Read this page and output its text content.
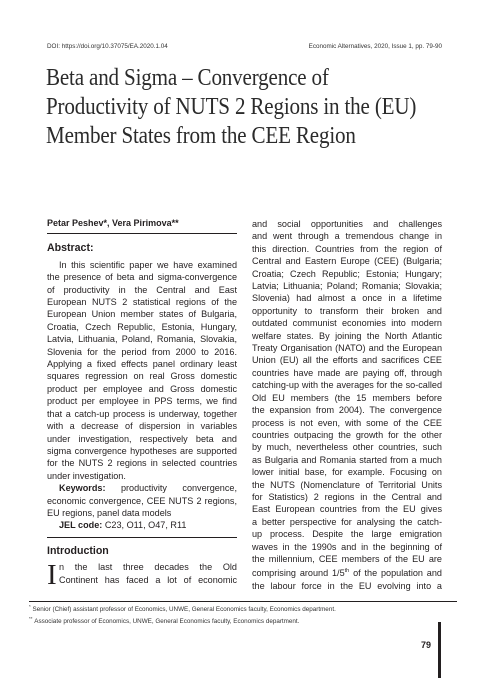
DOI: https://doi.org/10.37075/EA.2020.1.04	Economic Alternatives, 2020, Issue 1, pp. 79-90
Beta and Sigma – Convergence of
Productivity of NUTS 2 Regions in the (EU)
Member States from the CEE Region
Petar Peshev*, Vera Pirimova**
Abstract:
In this scientific paper we have examined
the presence of beta and sigma-convergence
of productivity in the Central and East
European NUTS 2 statistical regions of the
European Union member states of Bulgaria,
Croatia, Czech Republic, Estonia, Hungary,
Latvia, Lithuania, Poland, Romania, Slovakia,
Slovenia for the period from 2000 to 2016.
Applying a fixed effects panel ordinary least
squares regression on real Gross domestic
product per employee and Gross domestic
product per employee in PPS terms, we find
that a catch-up process is underway, together
with a decrease of dispersion in variables
under investigation, respectively beta and
sigma convergence hypotheses are supported
for the NUTS 2 regions in selected countries
under investigation.
Keywords: productivity convergence,
economic convergence, CEE NUTS 2 regions,
EU regions, panel data models
JEL code: C23, O11, O47, R11
Introduction
I n the last three decades the Old
Continent has faced a lot of economic
and social opportunities and challenges
and went through a tremendous change in
this direction. Countries from the region of
Central and Eastern Europe (CEE) (Bulgaria;
Croatia; Czech Republic; Estonia; Hungary;
Latvia; Lithuania; Poland; Romania; Slovakia;
Slovenia) had almost a once in a lifetime
opportunity to transform their broken and
outdated communist economies into modern
welfare states. By joining the North Atlantic
Treaty Organisation (NATO) and the European
Union (EU) all the efforts and sacrifices CEE
countries have made are paying off, through
catching-up with the averages for the so-called
Old EU members (the 15 members before
the expansion from 2004). The convergence
process is not even, with some of the CEE
countries outpacing the growth for the other
by much, nevertheless other countries, such
as Bulgaria and Romania started from a much
lower initial base, for example. Focusing on
the NUTS (Nomenclature of Territorial Units
for Statistics) 2 regions in the Central and
East European countries from the EU gives
a better perspective for analysing the catch-
up process. Despite the large emigration
waves in the 1990s and in the beginning of
the millennium, CEE members of the EU are
comprising around 1/5th of the population and
the labour force in the EU evolving into a
* Senior (Chief) assistant professor of Economics, UNWE, General Economics faculty, Economics department.
** Associate professor of Economics, UNWE, General Economics faculty, Economics department.
79
